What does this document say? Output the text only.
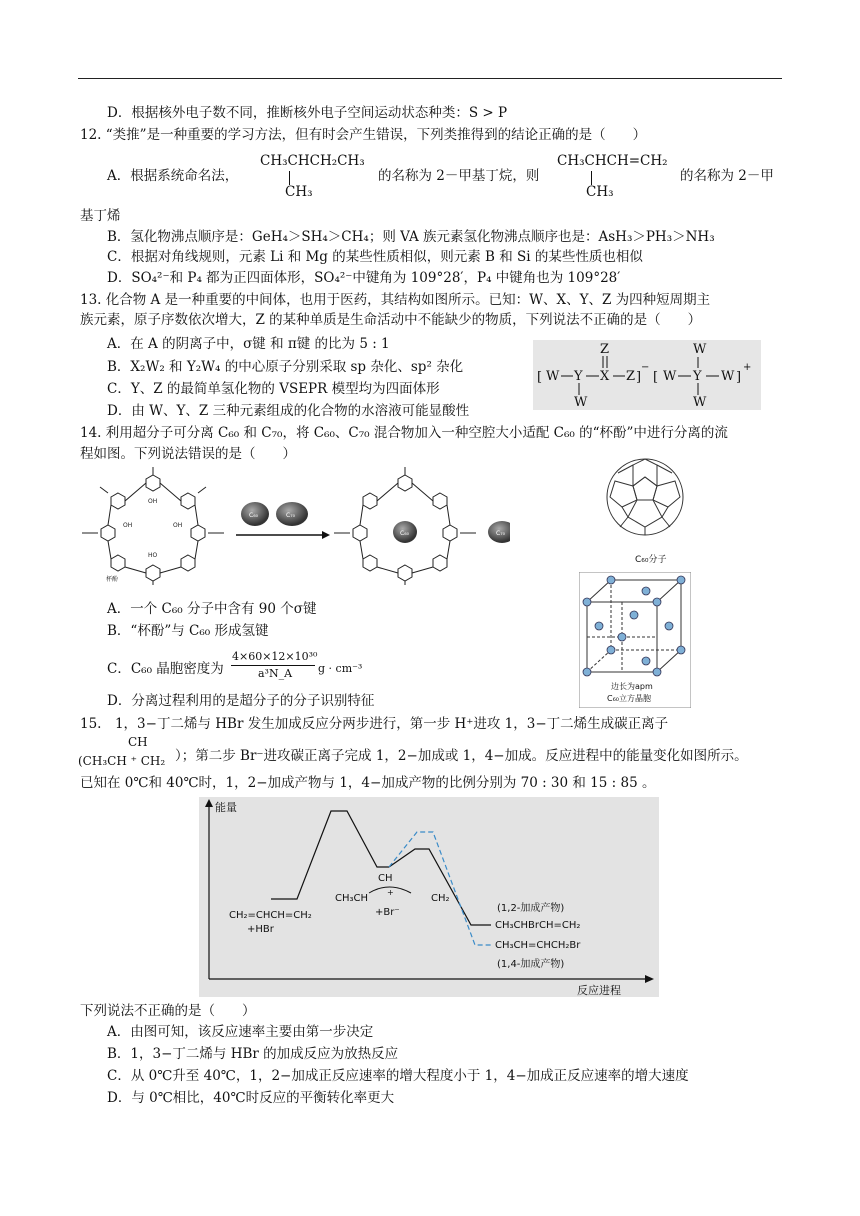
D．根据核外电子数不同，推断核外电子空间运动状态种类：S > P
12. “类推”是一种重要的学习方法，但有时会产生错误，下列类推得到的结论正确的是（　　）
A．根据系统命名法，
CH₃CHCH₂CH₃
CH₃
的名称为 2－甲基丁烷，则
CH₃CHCH=CH₂
CH₃
的名称为 2－甲
基丁烯
B．氢化物沸点顺序是：GeH₄＞SH₄＞CH₄；则 VA 族元素氢化物沸点顺序也是：AsH₃＞PH₃＞NH₃
C．根据对角线规则，元素 Li 和 Mg 的某些性质相似，则元素 B 和 Si 的某些性质也相似
D．SO₄²⁻和 P₄ 都为正四面体形，SO₄²⁻中键角为 109°28′，P₄ 中键角也为 109°28′
13. 化合物 A 是一种重要的中间体，也用于医药，其结构如图所示。已知：W、X、Y、Z 为四种短周期主
族元素，原子序数依次增大，Z 的某种单质是生命活动中不能缺少的物质，下列说法不正确的是（　　）
A．在 A 的阴离子中，σ键 和 π键 的比为 5 : 1
B．X₂W₂ 和 Y₂W₄ 的中心原子分别采取 sp 杂化、sp² 杂化
C．Y、Z 的最简单氢化物的 VSEPR 模型均为四面体形
D．由 W、Y、Z 三种元素组成的化合物的水溶液可能显酸性
[ W Y
W
X
Z
Z ]
−
[ W Y
W
W
W ]
+
14. 利用超分子可分离 C₆₀ 和 C₇₀，将 C₆₀、C₇₀ 混合物加入一种空腔大小适配 C₆₀ 的“杯酚”中进行分离的流
程如图。下列说法错误的是（　　）
OH
OH	OH
HO
杯酚
C₆₀	C₇₀
C₆₀	C₇₀
C₆₀分子
边长为apm
C₆₀立方晶胞
A．一个 C₆₀ 分子中含有 90 个σ键
B．“杯酚”与 C₆₀ 形成氢键
C．C₆₀ 晶胞密度为
4×60×12×10³⁰
a³N_A g · cm⁻³
D．分离过程利用的是超分子的分子识别特征
15.　1，3−丁二烯与 HBr 发生加成反应分两步进行，第一步 H⁺进攻 1，3−丁二烯生成碳正离子
CH
(CH₃CH ⁺ CH₂ ）；第二步 Br⁻进攻碳正离子完成 1，2−加成或 1，4−加成。反应进程中的能量变化如图所示。
已知在 0℃和 40℃时，1，2−加成产物与 1，4−加成产物的比例分别为 70 : 30 和 15 : 85 。
能量
反应进程
CH₂=CHCH=CH₂
+HBr
CH
CH₃CH	CH₂
+
+Br⁻	(1,2-加成产物)
CH₃CHBrCH=CH₂
CH₃CH=CHCH₂Br
(1,4-加成产物)
下列说法不正确的是（　　）
A．由图可知，该反应速率主要由第一步决定
B．1，3−丁二烯与 HBr 的加成反应为放热反应
C．从 0℃升至 40℃，1，2−加成正反应速率的增大程度小于 1，4−加成正反应速率的增大速度
D．与 0℃相比，40℃时反应的平衡转化率更大
